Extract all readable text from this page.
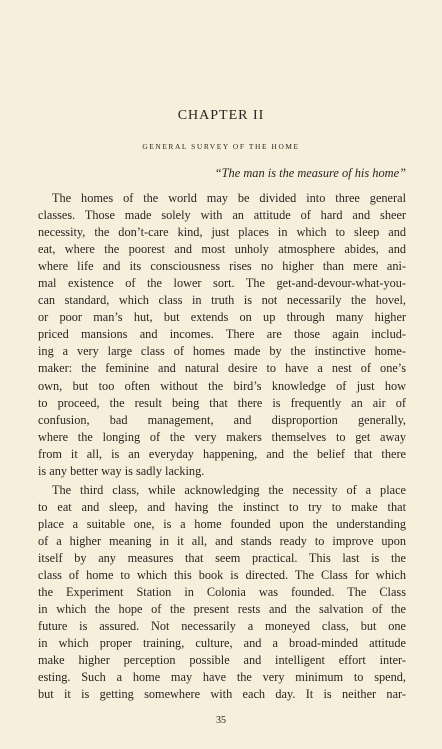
CHAPTER II
GENERAL SURVEY OF THE HOME
“The man is the measure of his home”
The homes of the world may be divided into three general
classes. Those made solely with an attitude of hard and sheer
necessity, the don’t-care kind, just places in which to sleep and
eat, where the poorest and most unholy atmosphere abides, and
where life and its consciousness rises no higher than mere ani-
mal existence of the lower sort. The get-and-devour-what-you-
can standard, which class in truth is not necessarily the hovel,
or poor man’s hut, but extends on up through many higher
priced mansions and incomes. There are those again includ-
ing a very large class of homes made by the instinctive home-
maker: the feminine and natural desire to have a nest of one’s
own, but too often without the bird’s knowledge of just how
to proceed, the result being that there is frequently an air of
confusion, bad management, and disproportion generally,
where the longing of the very makers themselves to get away
from it all, is an everyday happening, and the belief that there
is any better way is sadly lacking.
The third class, while acknowledging the necessity of a place
to eat and sleep, and having the instinct to try to make that
place a suitable one, is a home founded upon the understanding
of a higher meaning in it all, and stands ready to improve upon
itself by any measures that seem practical. This last is the
class of home to which this book is directed. The Class for which
the Experiment Station in Colonia was founded. The Class
in which the hope of the present rests and the salvation of the
future is assured. Not necessarily a moneyed class, but one
in which proper training, culture, and a broad-minded attitude
make higher perception possible and intelligent effort inter-
esting. Such a home may have the very minimum to spend,
but it is getting somewhere with each day. It is neither nar-
35
